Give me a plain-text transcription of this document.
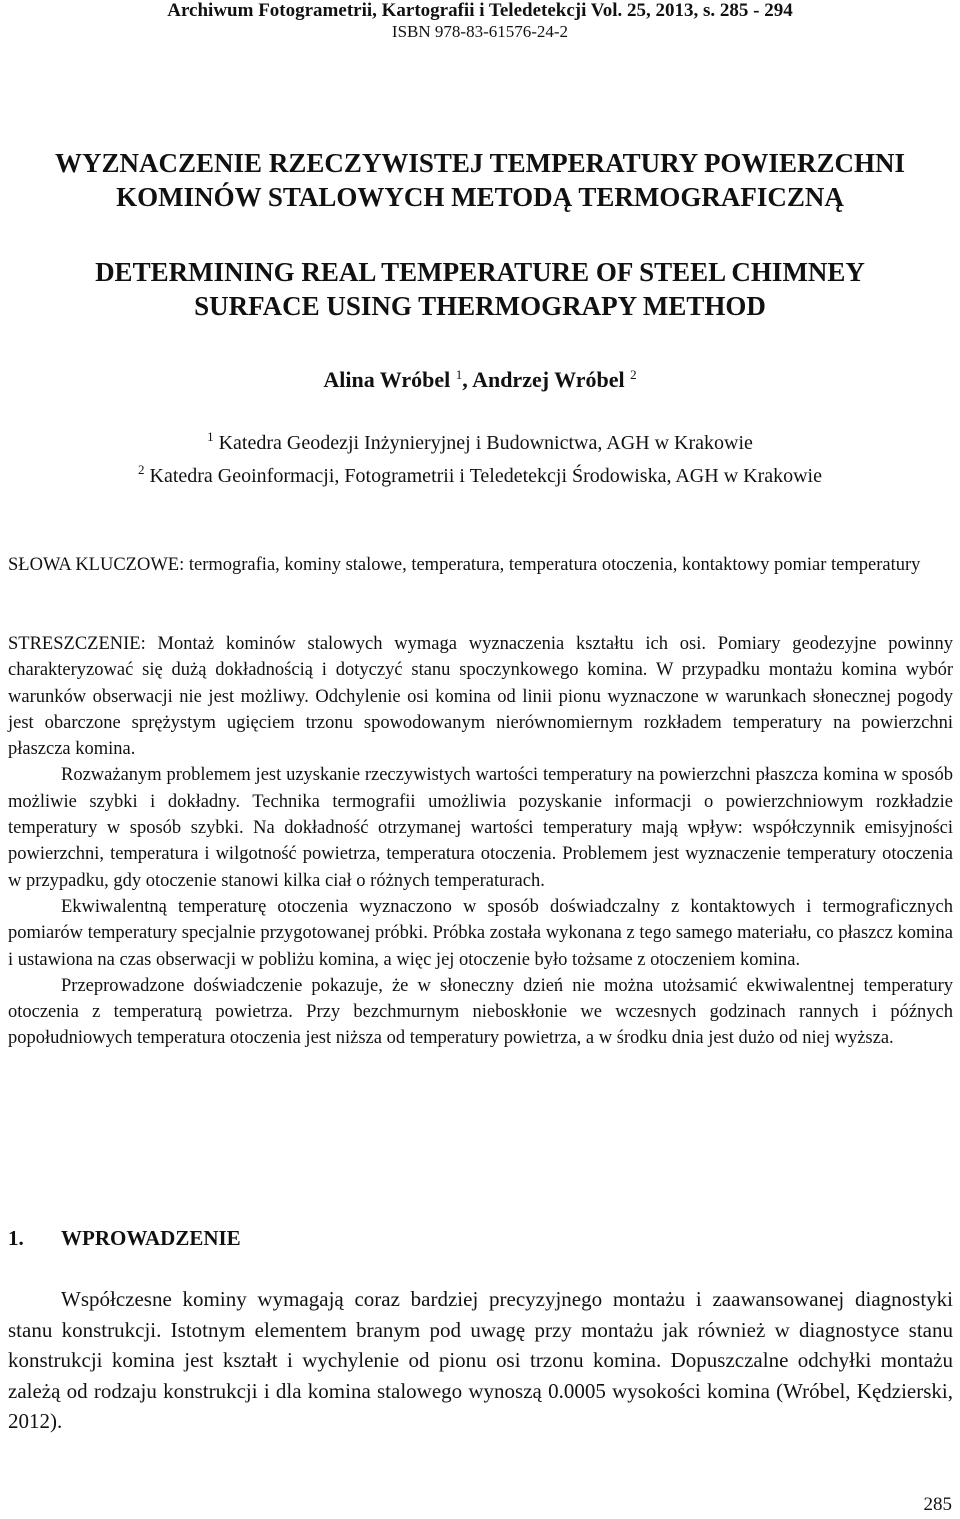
Archiwum Fotogrametrii, Kartografii i Teledetekcji Vol. 25, 2013, s. 285 - 294
ISBN 978-83-61576-24-2
WYZNACZENIE RZECZYWISTEJ TEMPERATURY POWIERZCHNI
KOMINÓW STALOWYCH METODĄ TERMOGRAFICZNĄ
DETERMINING REAL TEMPERATURE OF STEEL CHIMNEY
SURFACE USING THERMOGRAPY METHOD
Alina Wróbel $^1$, Andrzej Wróbel $^2$
$^1$ Katedra Geodezji Inżynieryjnej i Budownictwa, AGH w Krakowie
$^2$ Katedra Geoinformacji, Fotogrametrii i Teledetekcji Środowiska, AGH w Krakowie
SŁOWA KLUCZOWE: termografia, kominy stalowe, temperatura, temperatura otoczenia, kontaktowy pomiar temperatury

STRESZCZENIE: Montaż kominów stalowych wymaga wyznaczenia kształtu ich osi. Pomiary geodezyjne powinny charakteryzować się dużą dokładnością i dotyczyć stanu spoczynkowego komina. W przypadku montażu komina wybór warunków obserwacji nie jest możliwy. Odchylenie osi komina od linii pionu wyznaczone w warunkach słonecznej pogody jest obarczone sprężystym ugięciem trzonu spowodowanym nierównomiernym rozkładem temperatury na powierzchni płaszcza komina.

Rozważanym problemem jest uzyskanie rzeczywistych wartości temperatury na powierzchni płaszcza komina w sposób możliwie szybki i dokładny. Technika termografii umożliwia pozyskanie informacji o powierzchniowym rozkładzie temperatury w sposób szybki. Na dokładność otrzymanej wartości temperatury mają wpływ: współczynnik emisyjności powierzchni, temperatura i wilgotność powietrza, temperatura otoczenia. Problemem jest wyznaczenie temperatury otoczenia w przypadku, gdy otoczenie stanowi kilka ciał o różnych temperaturach.

Ekwiwalentną temperaturę otoczenia wyznaczono w sposób doświadczalny z kontaktowych i termograficznych pomiarów temperatury specjalnie przygotowanej próbki. Próbka została wykonana z tego samego materiału, co płaszcz komina i ustawiona na czas obserwacji w pobliżu komina, a więc jej otoczenie było tożsame z otoczeniem komina.

Przeprowadzone doświadczenie pokazuje, że w słoneczny dzień nie można utożsamić ekwiwalentnej temperatury otoczenia z temperaturą powietrza. Przy bezchmurnym nieboskłonie we wczesnych godzinach rannych i późnych popołudniowych temperatura otoczenia jest niższa od temperatury powietrza, a w środku dnia jest dużo od niej wyższa.

1. WPROWADZENIE

Współczesne kominy wymagają coraz bardziej precyzyjnego montażu i zaawansowanej diagnostyki stanu konstrukcji. Istotnym elementem branym pod uwagę przy montażu jak również w diagnostyce stanu konstrukcji komina jest kształt i wychylenie od pionu osi trzonu komina. Dopuszczalne odchyłki montażu zależą od rodzaju konstrukcji i dla komina stalowego wynoszą 0.0005 wysokości komina (Wróbel, Kędzierski, 2012).

285
